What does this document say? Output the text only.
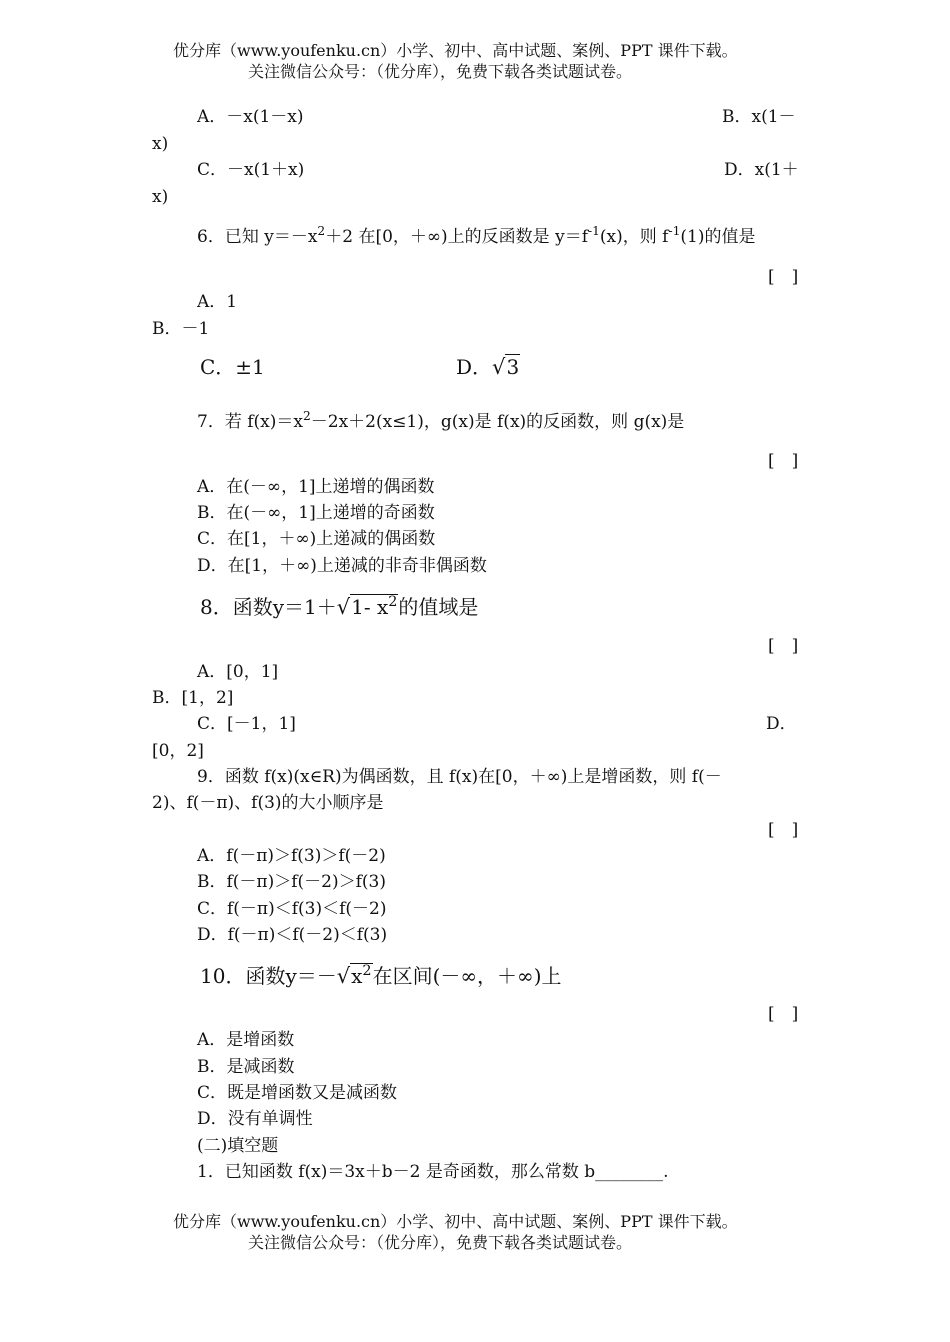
优分库（www.youfenku.cn）小学、初中、高中试题、案例、PPT 课件下载。
关注微信公众号：（优分库），免费下载各类试题试卷。
A．－x(1－x)	B．x(1－
x)
C．－x(1＋x)	D．x(1＋
x)
6．已知 $y=-x^2+2$ 在[0，＋∞)上的反函数是 $y=f^{-1}(x)$，则 $f^{-1}(1)$的值是
[　]
A．1
B．－1
C．±1	D．√3
7．若 $f(x)=x^2-2x+2(x\le 1)$，g(x)是 f(x)的反函数，则 g(x)是
[　]
A．在(－∞，1]上递增的偶函数
B．在(－∞，1]上递增的奇函数
C．在[1，＋∞)上递减的偶函数
D．在[1，＋∞)上递减的非奇非偶函数
8．函数y＝1＋√1- $x^2$的值域是
[　]
A．[0，1]
B．[1，2]
C．[－1，1]	D．
[0，2]
9．函数 f(x)(x∈R)为偶函数，且 f(x)在[0，＋∞)上是增函数，则 f(－
2)、f(－π)、f(3)的大小顺序是
[　]
A．f(－π)＞f(3)＞f(－2)
B．f(－π)＞f(－2)＞f(3)
C．f(－π)＜f(3)＜f(－2)
D．f(－π)＜f(－2)＜f(3)
10．函数$y=-√x^2$在区间(－∞，＋∞)上
[　]
A．是增函数
B．是减函数
C．既是增函数又是减函数
D．没有单调性
(二)填空题
1．已知函数 f(x)＝3x＋b－2 是奇函数，那么常数 b________.
优分库（www.youfenku.cn）小学、初中、高中试题、案例、PPT 课件下载。
关注微信公众号：（优分库），免费下载各类试题试卷。
